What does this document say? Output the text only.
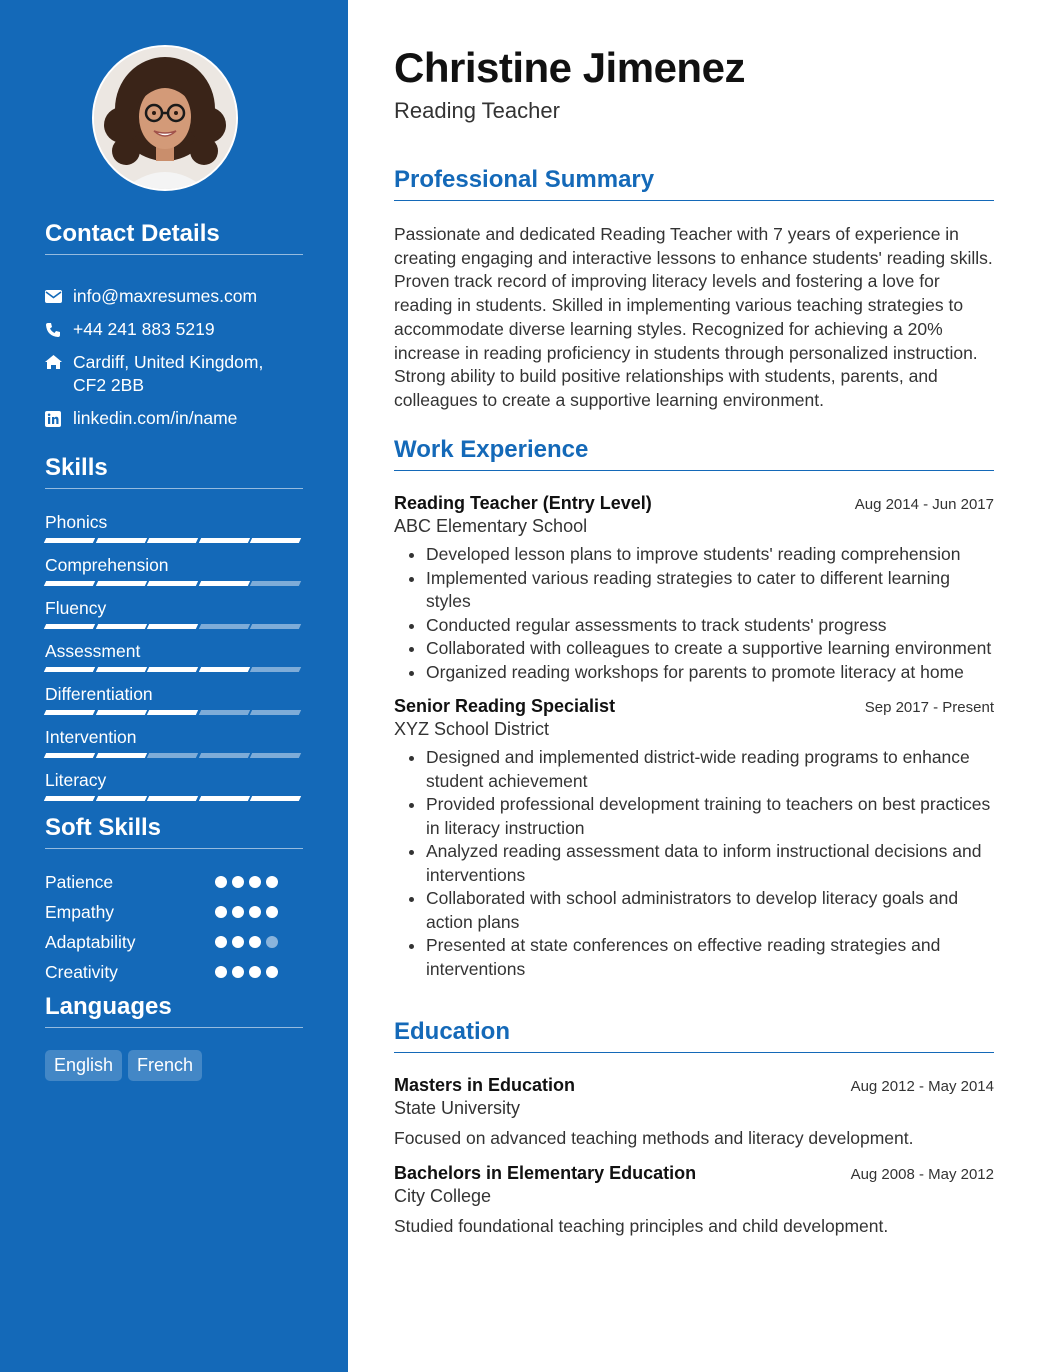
Contact Details
info@maxresumes.com
+44 241 883 5219
Cardiff, United Kingdom,
CF2 2BB
linkedin.com/in/name
Skills
Phonics
Comprehension
Fluency
Assessment
Differentiation
Intervention
Literacy
Soft Skills
Patience
Empathy
Adaptability
Creativity
Languages
English French
Christine Jimenez

Reading Teacher

Professional Summary

Passionate and dedicated Reading Teacher with 7 years of experience in creating engaging and interactive lessons to enhance students' reading skills. Proven track record of improving literacy levels and fostering a love for reading in students. Skilled in implementing various teaching strategies to accommodate diverse learning styles. Recognized for achieving a 20% increase in reading proficiency in students through personalized instruction. Strong ability to build positive relationships with students, parents, and colleagues to create a supportive learning environment.

Work Experience
Reading Teacher (Entry Level)	Aug 2014 - Jun 2017
ABC Elementary School
• Developed lesson plans to improve students' reading comprehension
• Implemented various reading strategies to cater to different learning styles
• Conducted regular assessments to track students' progress
• Collaborated with colleagues to create a supportive learning environment
• Organized reading workshops for parents to promote literacy at home
Senior Reading Specialist	Sep 2017 - Present
XYZ School District
• Designed and implemented district-wide reading programs to enhance student achievement
• Provided professional development training to teachers on best practices in literacy instruction
• Analyzed reading assessment data to inform instructional decisions and interventions
• Collaborated with school administrators to develop literacy goals and action plans
• Presented at state conferences on effective reading strategies and interventions
Education
Masters in Education	Aug 2012 - May 2014
State University

Focused on advanced teaching methods and literacy development.

Bachelors in Elementary Education	Aug 2008 - May 2012
City College

Studied foundational teaching principles and child development.
